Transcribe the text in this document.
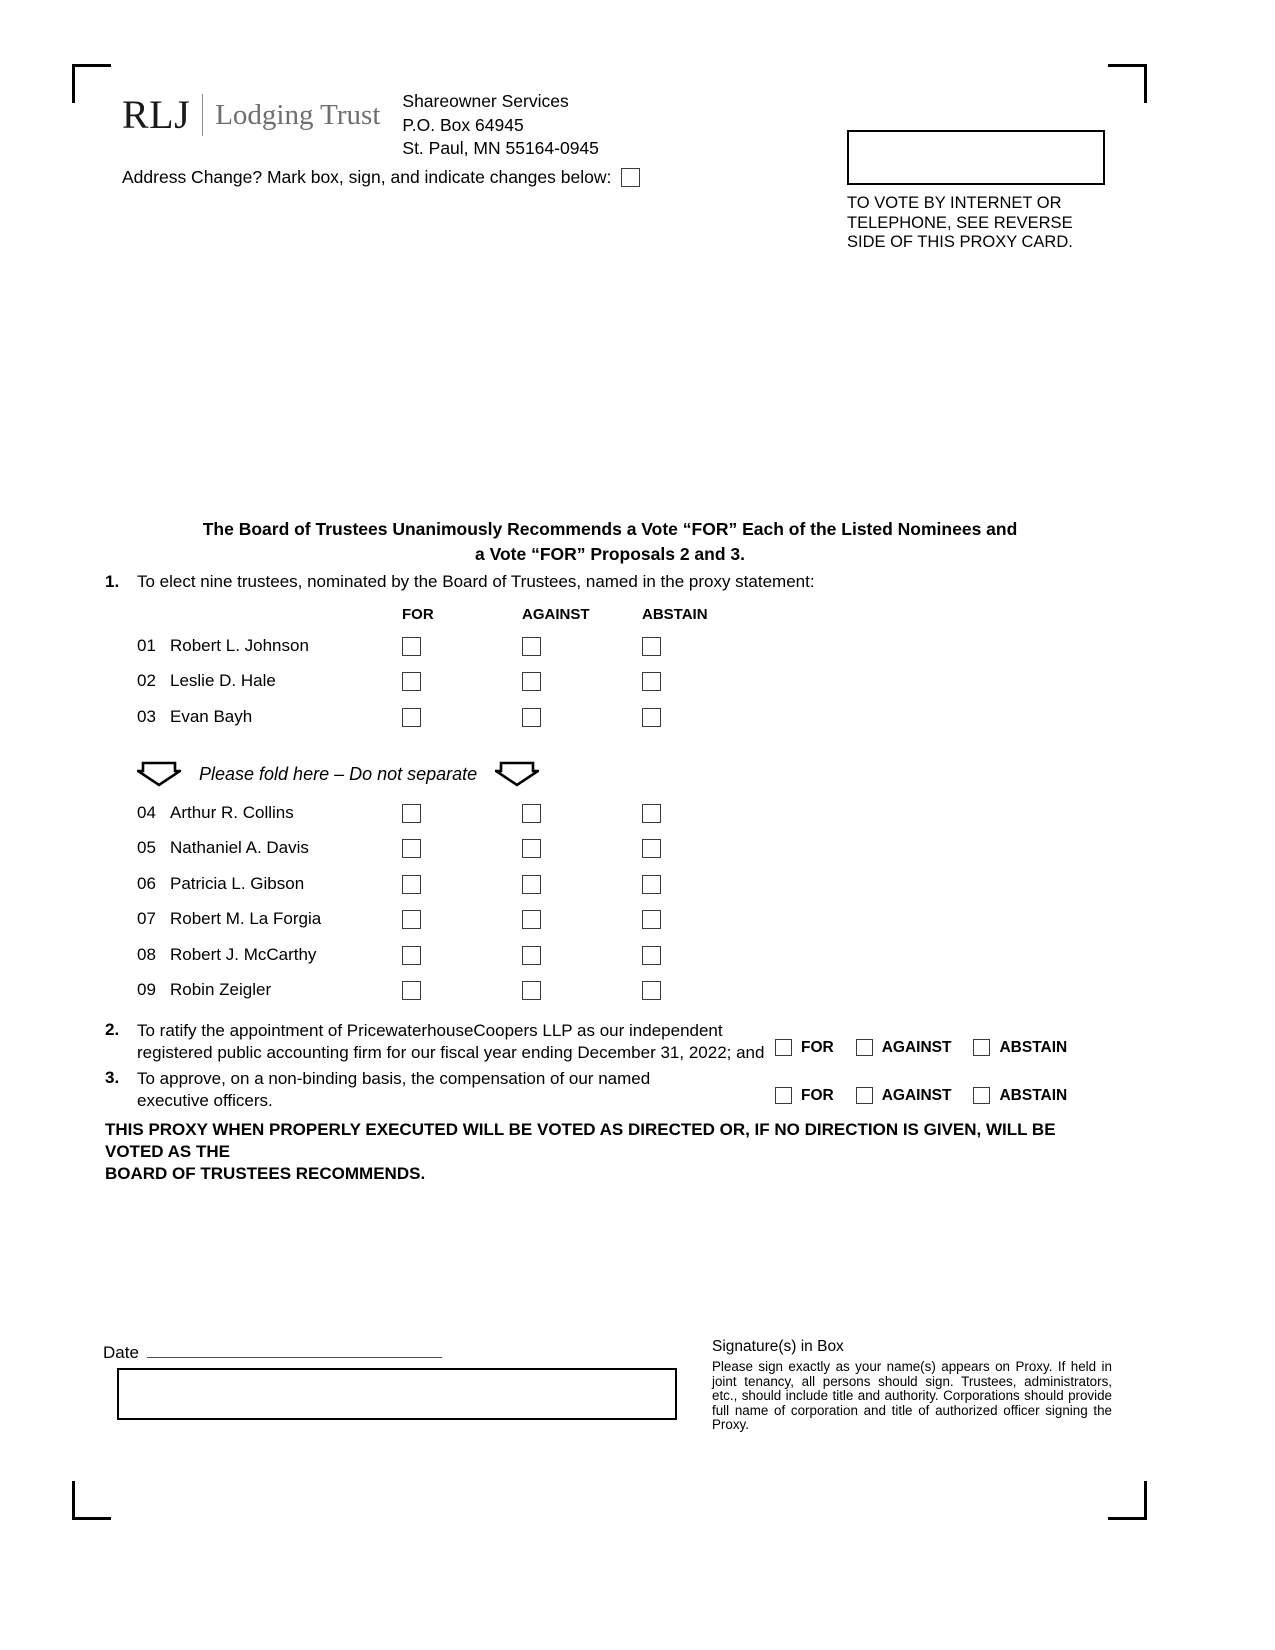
RLJ Lodging Trust Shareowner Services
P.O. Box 64945
St. Paul, MN 55164-0945
Address Change? Mark box, sign, and indicate changes below:
TO VOTE BY INTERNET OR TELEPHONE, SEE REVERSE SIDE OF THIS PROXY CARD.
The Board of Trustees Unanimously Recommends a Vote “FOR” Each of the Listed Nominees and
a Vote “FOR” Proposals 2 and 3.
1.	To elect nine trustees, nominated by the Board of Trustees, named in the proxy statement:
FOR	AGAINST	ABSTAIN
01 Robert L. Johnson
02 Leslie D. Hale
03 Evan Bayh
Please fold here – Do not separate
04 Arthur R. Collins
05 Nathaniel A. Davis
06 Patricia L. Gibson
07 Robert M. La Forgia
08 Robert J. McCarthy
09 Robin Zeigler
2.	To ratify the appointment of PricewaterhouseCoopers LLP as our independent
registered public accounting firm for our fiscal year ending December 31, 2022; and	FOR	AGAINST	ABSTAIN
3.	To approve, on a non-binding basis, the compensation of our named
executive officers.	FOR	AGAINST	ABSTAIN
THIS PROXY WHEN PROPERLY EXECUTED WILL BE VOTED AS DIRECTED OR, IF NO DIRECTION IS GIVEN, WILL BE VOTED AS THE
BOARD OF TRUSTEES RECOMMENDS.
Date	Signature(s) in Box
Please sign exactly as your name(s) appears on Proxy. If held in joint tenancy, all persons should sign. Trustees, administrators, etc., should include title and authority. Corporations should provide full name of corporation and title of authorized officer signing the Proxy.
